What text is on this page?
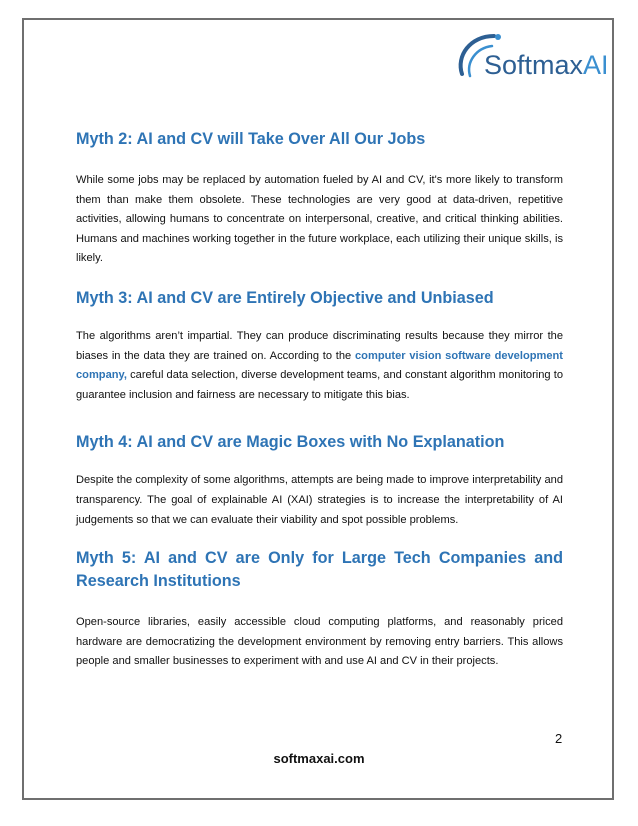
SoftmaxAI
Myth 2: AI and CV will Take Over All Our Jobs

While some jobs may be replaced by automation fueled by AI and CV, it's more likely to transform them than make them obsolete. These technologies are very good at data-driven, repetitive activities, allowing humans to concentrate on interpersonal, creative, and critical thinking abilities. Humans and machines working together in the future workplace, each utilizing their unique skills, is likely.

Myth 3: AI and CV are Entirely Objective and Unbiased

The algorithms aren’t impartial. They can produce discriminating results because they mirror the biases in the data they are trained on. According to the computer vision software development company, careful data selection, diverse development teams, and constant algorithm monitoring to guarantee inclusion and fairness are necessary to mitigate this bias.

Myth 4: AI and CV are Magic Boxes with No Explanation

Despite the complexity of some algorithms, attempts are being made to improve interpretability and transparency. The goal of explainable AI (XAI) strategies is to increase the interpretability of AI judgements so that we can evaluate their viability and spot possible problems.

Myth 5: AI and CV are Only for Large Tech Companies and Research Institutions

Open-source libraries, easily accessible cloud computing platforms, and reasonably priced hardware are democratizing the development environment by removing entry barriers. This allows people and smaller businesses to experiment with and use AI and CV in their projects.

2
softmaxai.com
